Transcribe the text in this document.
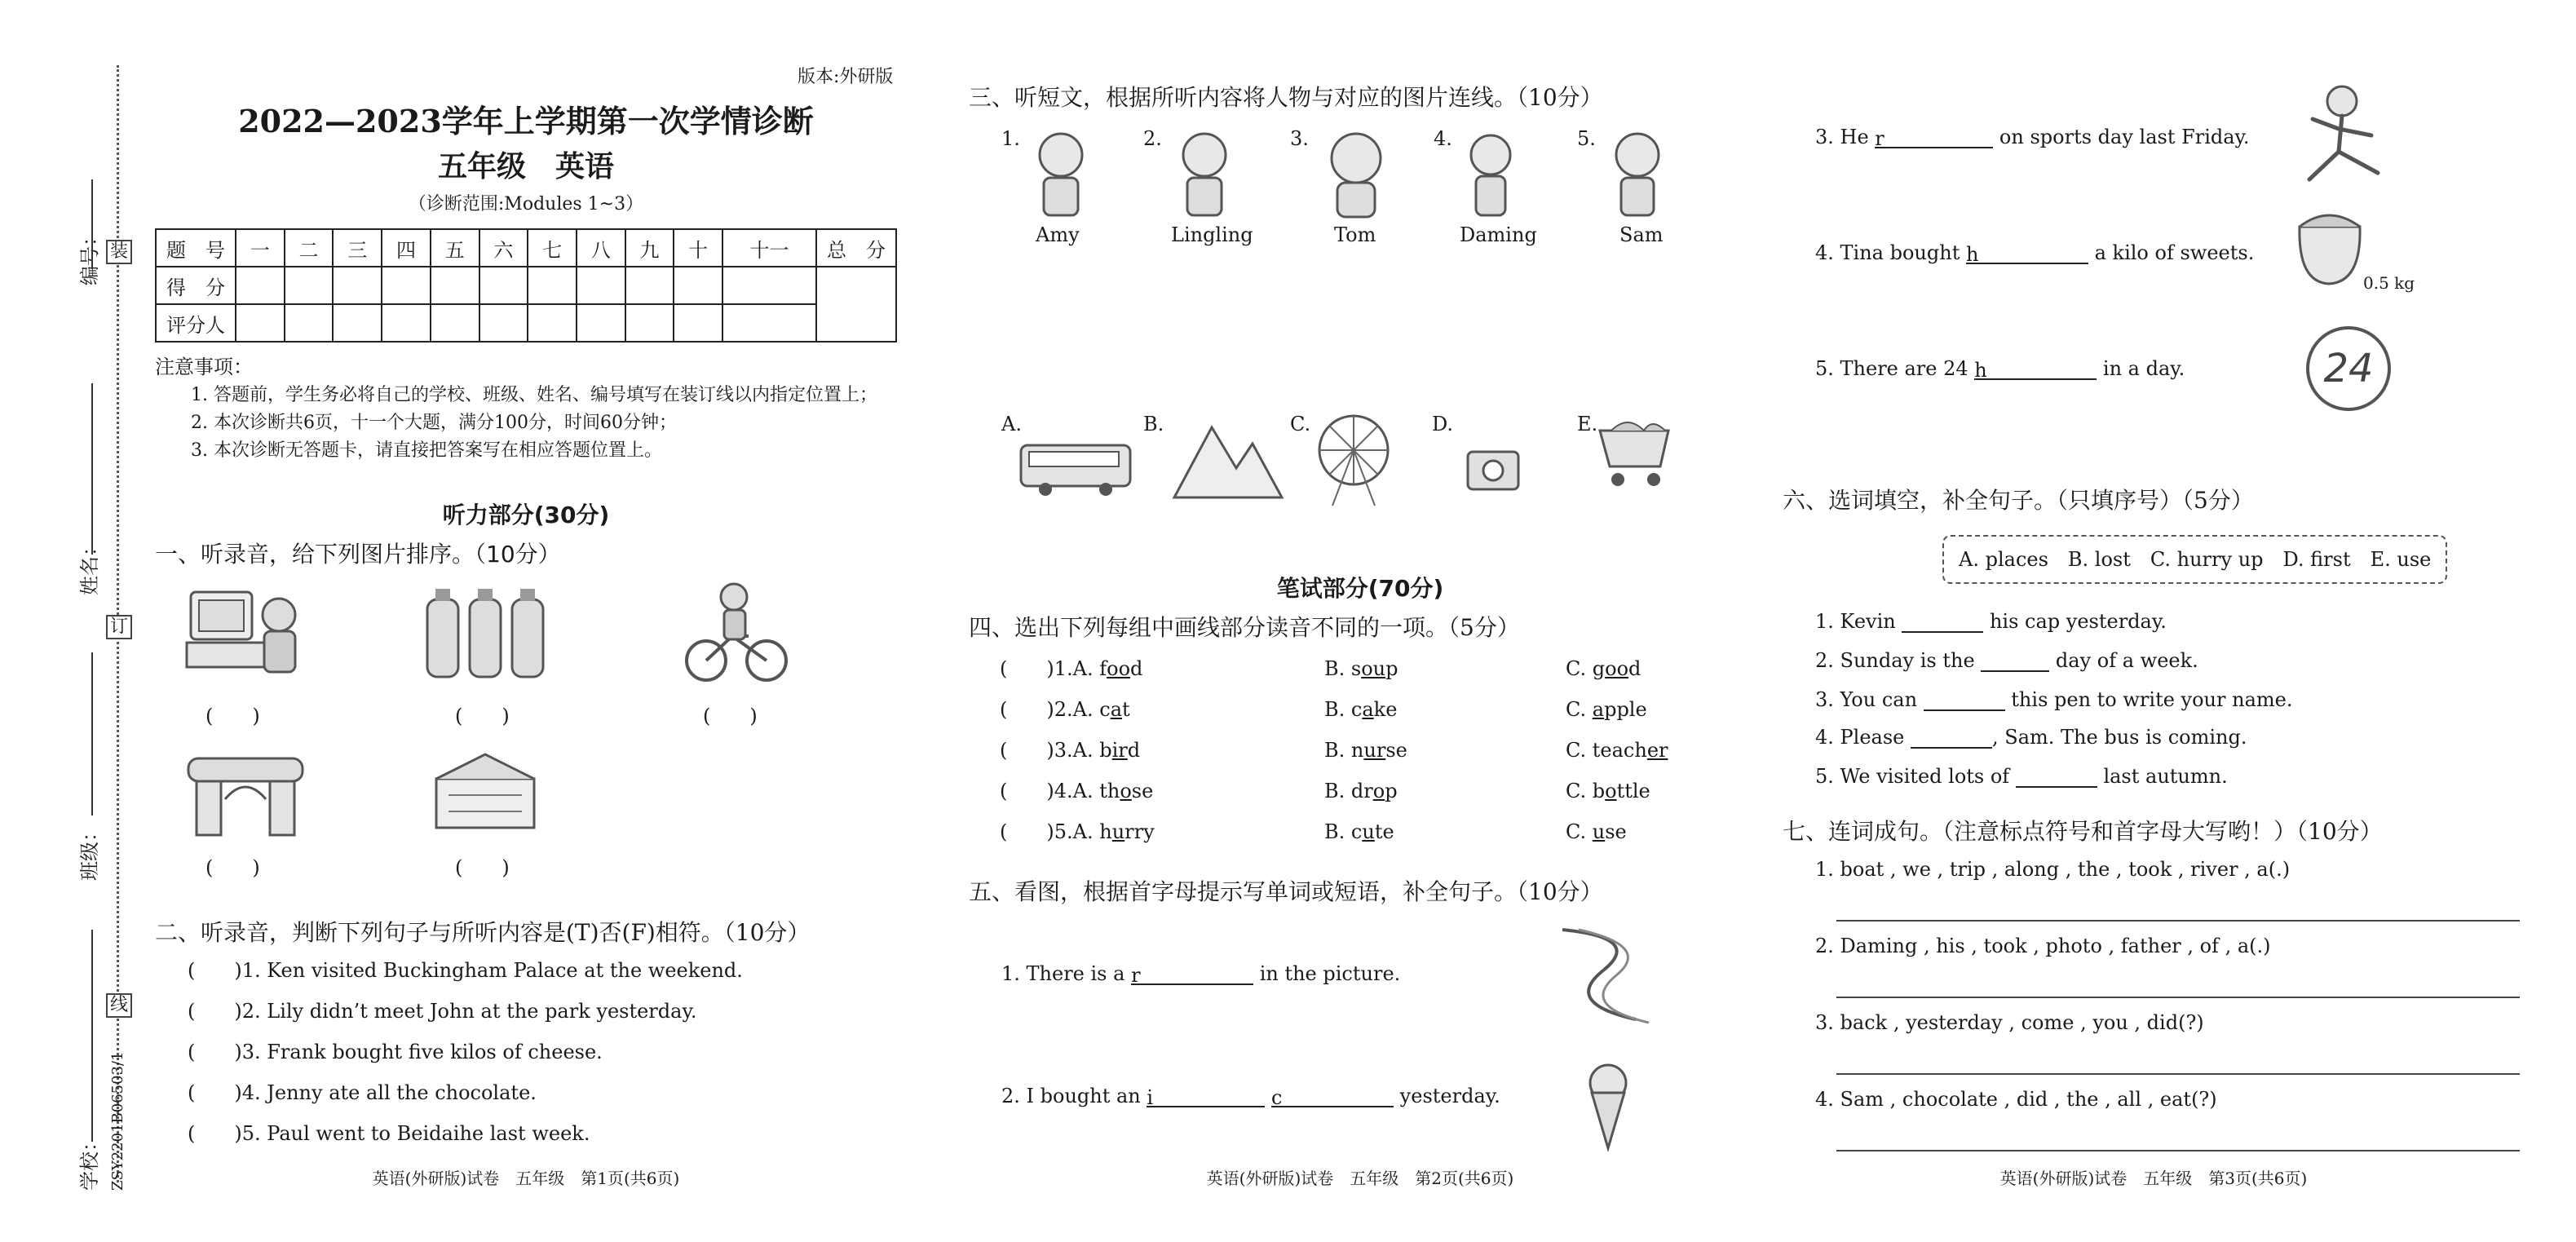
编号：
姓名：
班级：
学校： ZSY2201B06503/1
装
订
线
版本:外研版
2022—2023学年上学期第一次学情诊断
五年级　英语
（诊断范围:Modules 1~3）
题　号	一	二	三	四	五	六	七	八	九	十	十一	总　分
得　分												
评分人												
注意事项：
1. 答题前，学生务必将自己的学校、班级、姓名、编号填写在装订线以内指定位置上；
2. 本次诊断共6页，十一个大题，满分100分，时间60分钟；
3. 本次诊断无答题卡，请直接把答案写在相应答题位置上。
听力部分(30分)
一、听录音，给下列图片排序。（10分）
(　　)	(　　)	(　　)
(　　)	(　　)
二、听录音，判断下列句子与所听内容是(T)否(F)相符。（10分）
(　　)1. Ken visited Buckingham Palace at the weekend.
(　　)2. Lily didn’t meet John at the park yesterday.
(　　)3. Frank bought five kilos of cheese.
(　　)4. Jenny ate all the chocolate.
(　　)5. Paul went to Beidaihe last week.
英语(外研版)试卷　五年级　第1页(共6页)
三、听短文，根据所听内容将人物与对应的图片连线。（10分）
1.
Amy
2.
Lingling
3.
Tom
4.
Daming
5.
Sam
A.	B.	C.	D.	E.
笔试部分(70分)
四、选出下列每组中画线部分读音不同的一项。（5分）
(　　)1.A. food	B. soup	C. good
(　　)2.A. cat	B. cake	C. apple
(　　)3.A. bird	B. nurse	C. teacher
(　　)4.A. those	B. drop	C. bottle
(　　)5.A. hurry	B. cute	C. use
五、看图，根据首字母提示写单词或短语，补全句子。（10分）
1. There is a r	in the picture.
2. I bought an i	c	yesterday.
英语(外研版)试卷　五年级　第2页(共6页)
3. He r	on sports day last Friday.
4. Tina bought h	a kilo of sweets.
0.5 kg
5. There are 24 h	in a day.	24
六、选词填空，补全句子。（只填序号）（5分）
A. places　B. lost　C. hurry up　D. first　E. use
1. Kevin	his cap yesterday.
2. Sunday is the	day of a week.
3. You can	this pen to write your name.
4. Please	, Sam. The bus is coming.
5. We visited lots of	last autumn.
七、连词成句。（注意标点符号和首字母大写哟！）（10分）
1. boat , we , trip , along , the , took , river , a(.)
2. Daming , his , took , photo , father , of , a(.)
3. back , yesterday , come , you , did(?)
4. Sam , chocolate , did , the , all , eat(?)
英语(外研版)试卷　五年级　第3页(共6页)
